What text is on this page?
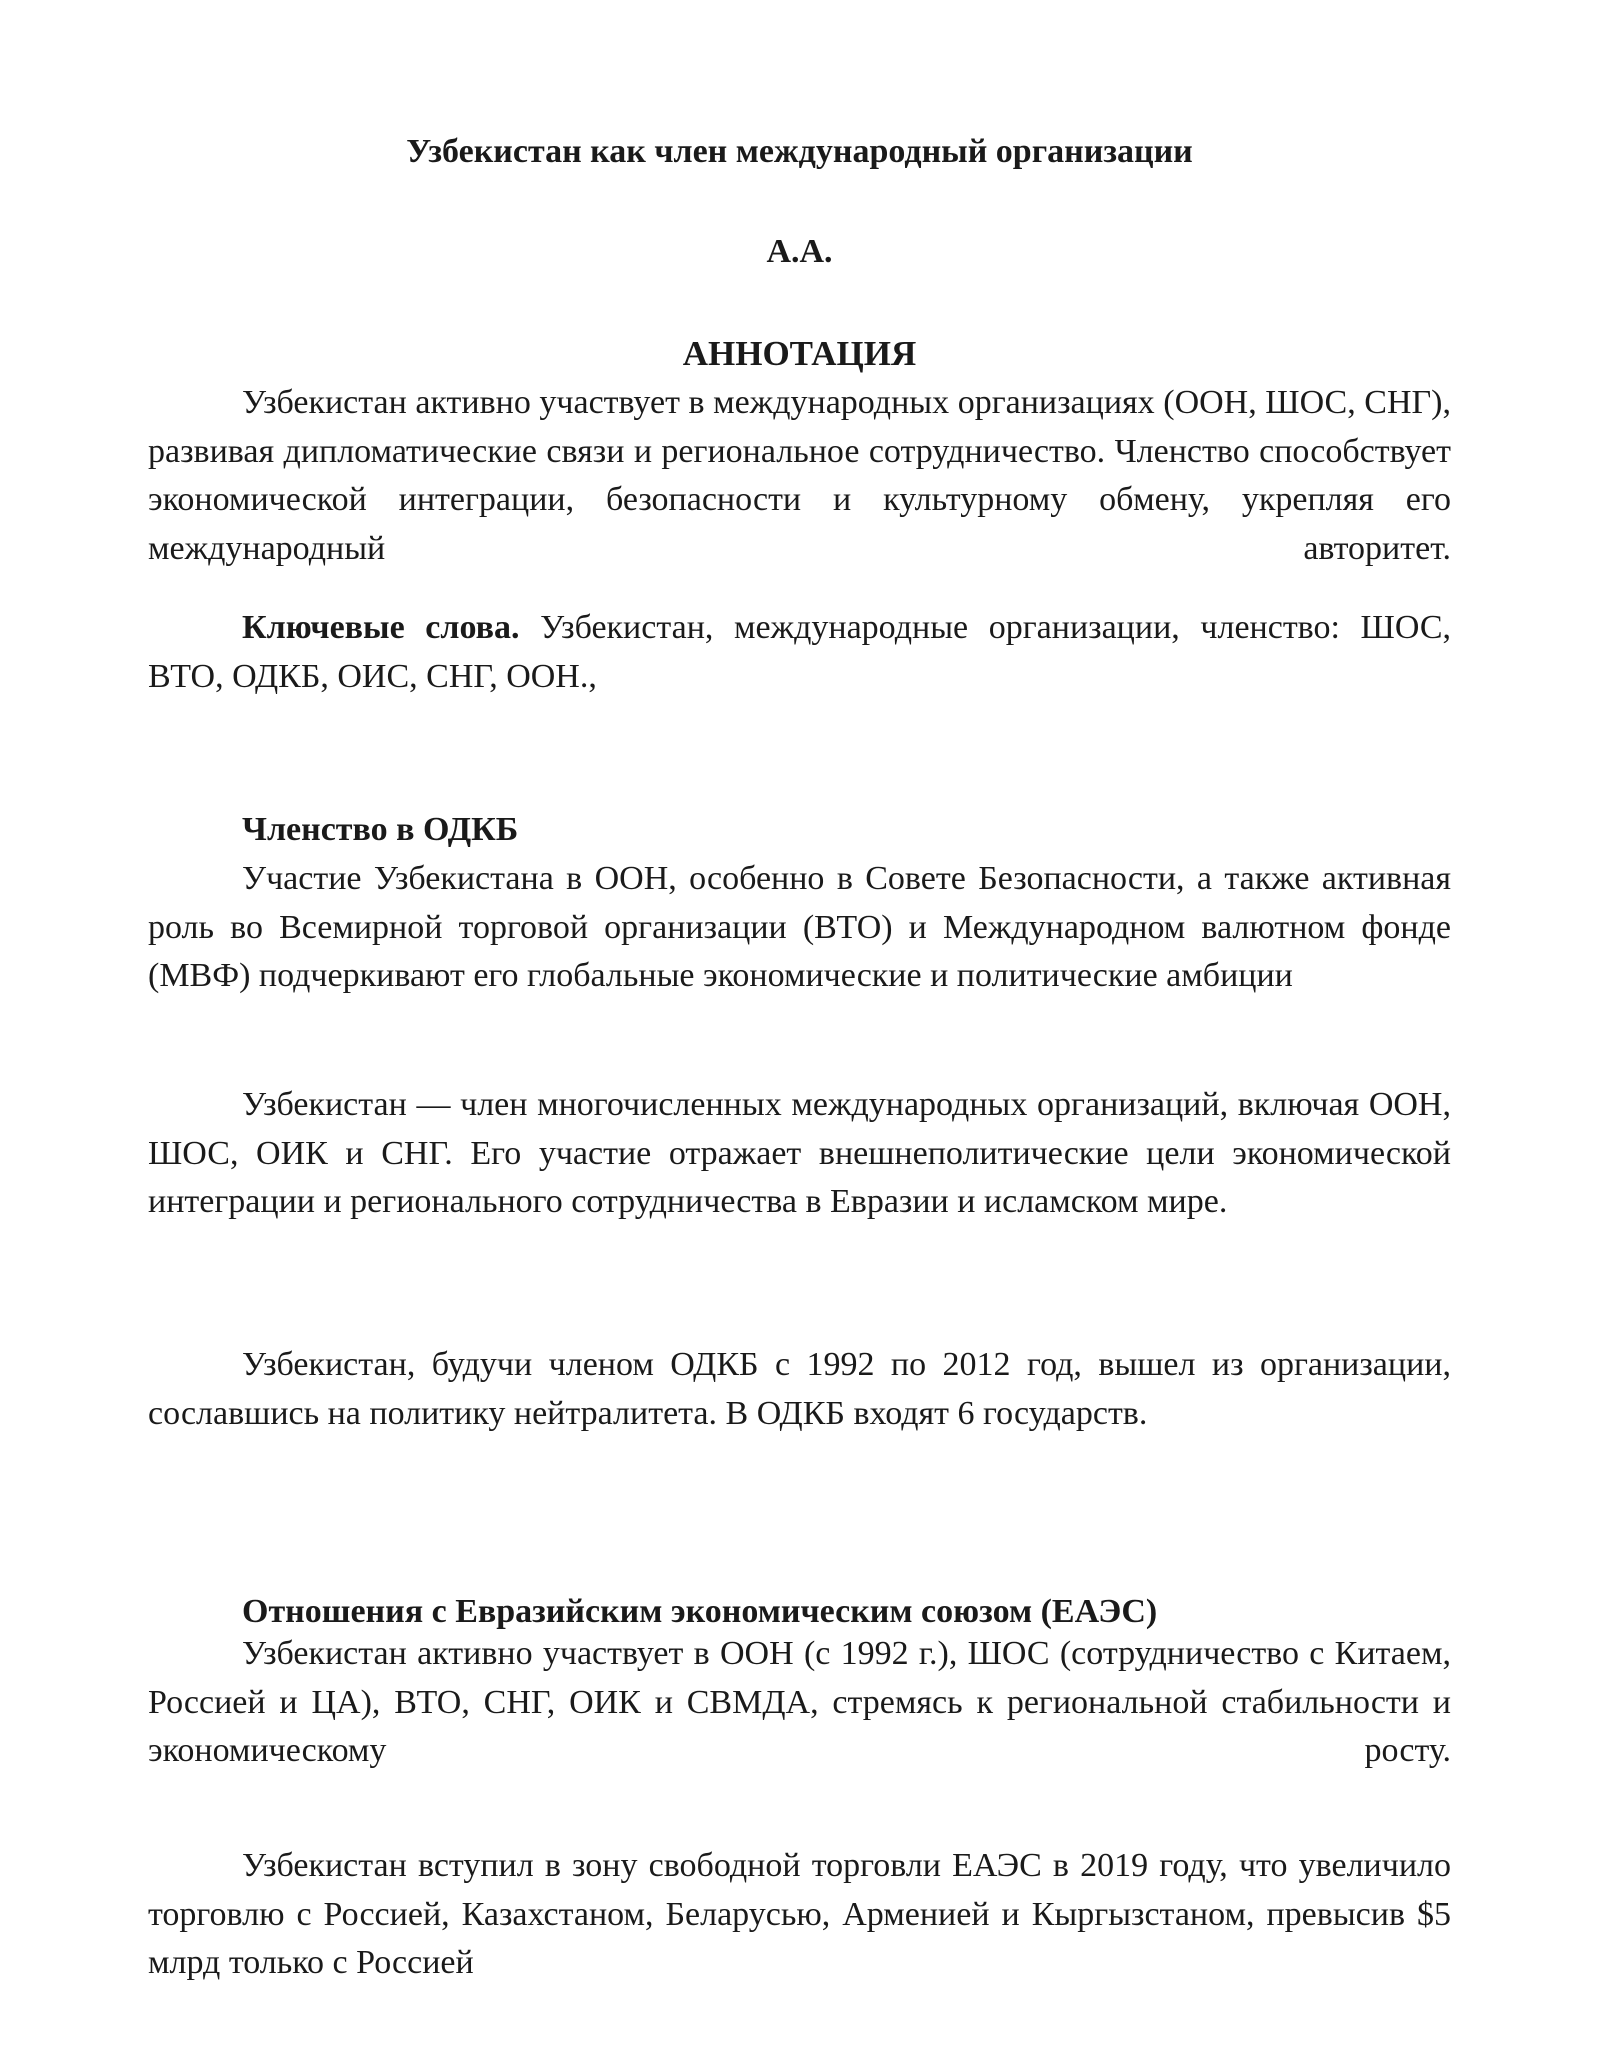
Узбекистан как член международный организации
А.А.
АННОТАЦИЯ

Узбекистан активно участвует в международных организациях (ООН, ШОС, СНГ), развивая дипломатические связи и региональное сотрудничество. Членство способствует экономической интеграции, безопасности и культурному обмену, укрепляя его международный авторитет.

Ключевые слова. Узбекистан, международные организации, членство: ШОС, ВТО, ОДКБ, ОИС, СНГ, ООН.,

Членство в ОДКБ

Участие Узбекистана в ООН, особенно в Совете Безопасности, а также активная роль во Всемирной торговой организации (ВТО) и Международном валютном фонде (МВФ) подчеркивают его глобальные экономические и политические амбиции

Узбекистан — член многочисленных международных организаций, включая ООН, ШОС, ОИК и СНГ. Его участие отражает внешнеполитические цели экономической интеграции и регионального сотрудничества в Евразии и исламском мире.

Узбекистан, будучи членом ОДКБ с 1992 по 2012 год, вышел из организации, сославшись на политику нейтралитета. В ОДКБ входят 6 государств.

Отношения с Евразийским экономическим союзом (ЕАЭС)

Узбекистан активно участвует в ООН (с 1992 г.), ШОС (сотрудничество с Китаем, Россией и ЦА), ВТО, СНГ, ОИК и СВМДА, стремясь к региональной стабильности и экономическому росту.

Узбекистан вступил в зону свободной торговли ЕАЭС в 2019 году, что увеличило торговлю с Россией, Казахстаном, Беларусью, Арменией и Кыргызстаном, превысив $5 млрд только с Россией
